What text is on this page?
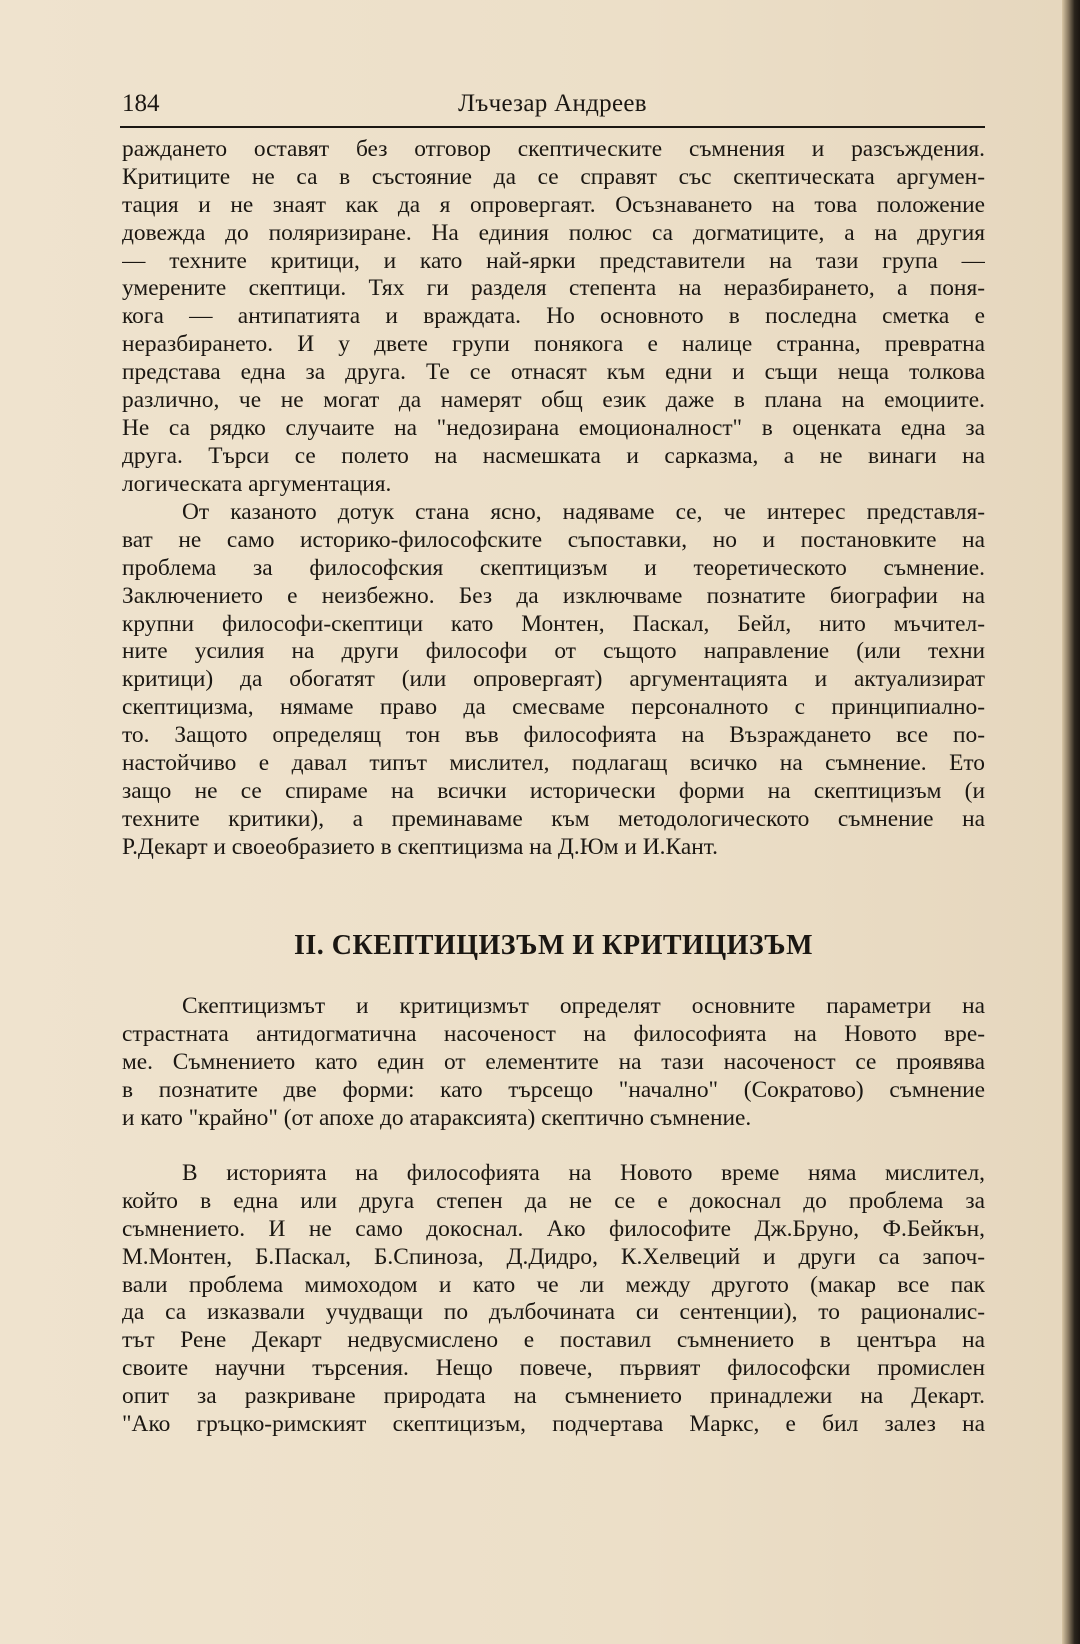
184	Лъчезар Андреев
раждането оставят без отговор скептическите съмнения и разсъждения.
Критиците не са в състояние да се справят със скептическата аргумен-
тация и не знаят как да я опровергаят. Осъзнаването на това положение
довежда до поляризиране. На единия полюс са догматиците, а на другия
— техните критици, и като най-ярки представители на тази група —
умерените скептици. Тях ги разделя степента на неразбирането, а поня-
кога — антипатията и враждата. Но основното в последна сметка е
неразбирането. И у двете групи понякога е налице странна, превратна
представа една за друга. Те се отнасят към едни и същи неща толкова
различно, че не могат да намерят общ език даже в плана на емоциите.
Не са рядко случаите на "недозирана емоционалност" в оценката една за
друга. Търси се полето на насмешката и сарказма, а не винаги на
логическата аргументация.
От казаното дотук стана ясно, надяваме се, че интерес представля-
ват не само историко-философските съпоставки, но и постановките на
проблема за философския скептицизъм и теоретическото съмнение.
Заключението е неизбежно. Без да изключваме познатите биографии на
крупни философи-скептици като Монтен, Паскал, Бейл, нито мъчител-
ните усилия на други философи от същото направление (или техни
критици) да обогатят (или опровергаят) аргументацията и актуализират
скептицизма, нямаме право да смесваме персоналното с принципиално-
то. Защото определящ тон във философията на Възраждането все по-
настойчиво е давал типът мислител, подлагащ всичко на съмнение. Ето
защо не се спираме на всички исторически форми на скептицизъм (и
техните критики), а преминаваме към методологическото съмнение на
Р.Декарт и своеобразието в скептицизма на Д.Юм и И.Кант.
II. СКЕПТИЦИЗЪМ И КРИТИЦИЗЪМ
Скептицизмът и критицизмът определят основните параметри на
страстната антидогматична насоченост на философията на Новото вре-
ме. Съмнението като един от елементите на тази насоченост се проявява
в познатите две форми: като търсещо "начално" (Сократово) съмнение
и като "крайно" (от апохе до атараксията) скептично съмнение.
В историята на философията на Новото време няма мислител,
който в една или друга степен да не се е докоснал до проблема за
съмнението. И не само докоснал. Ако философите Дж.Бруно, Ф.Бейкън,
М.Монтен, Б.Паскал, Б.Спиноза, Д.Дидро, К.Хелвеций и други са започ-
вали проблема мимоходом и като че ли между другото (макар все пак
да са изказвали учудващи по дълбочината си сентенции), то рационалис-
тът Рене Декарт недвусмислено е поставил съмнението в центъра на
своите научни търсения. Нещо повече, първият философски промислен
опит за разкриване природата на съмнението принадлежи на Декарт.
"Ако гръцко-римският скептицизъм, подчертава Маркс, е бил залез на
